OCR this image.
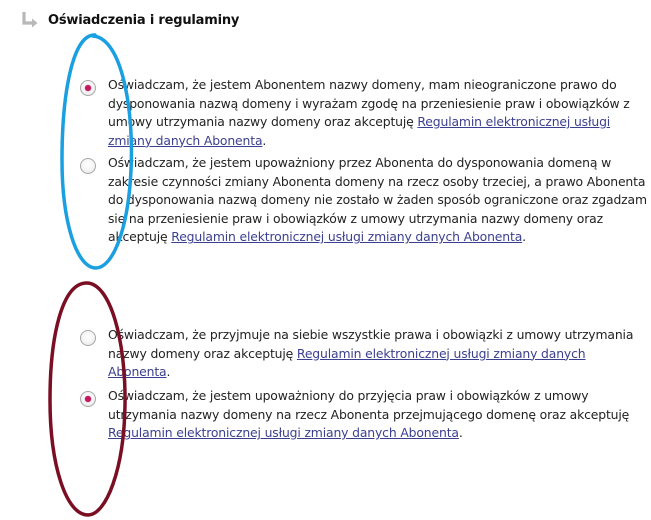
Oświadczenia i regulaminy
Oświadczam, że jestem Abonentem nazwy domeny, mam nieograniczone prawo do dysponowania nazwą domeny i wyrażam zgodę na przeniesienie praw i obowiązków z umowy utrzymania nazwy domeny oraz akceptuję Regulamin elektronicznej usługi zmiany danych Abonenta.
Oświadczam, że jestem upoważniony przez Abonenta do dysponowania domeną w zakresie czynności zmiany Abonenta domeny na rzecz osoby trzeciej, a prawo Abonenta do dysponowania nazwą domeny nie zostało w żaden sposób ograniczone oraz zgadzam się na przeniesienie praw i obowiązków z umowy utrzymania nazwy domeny oraz akceptuję Regulamin elektronicznej usługi zmiany danych Abonenta.
Oświadczam, że przyjmuje na siebie wszystkie prawa i obowiązki z umowy utrzymania nazwy domeny oraz akceptuję Regulamin elektronicznej usługi zmiany danych Abonenta.
Oświadczam, że jestem upoważniony do przyjęcia praw i obowiązków z umowy utrzymania nazwy domeny na rzecz Abonenta przejmującego domenę oraz akceptuję Regulamin elektronicznej usługi zmiany danych Abonenta.
